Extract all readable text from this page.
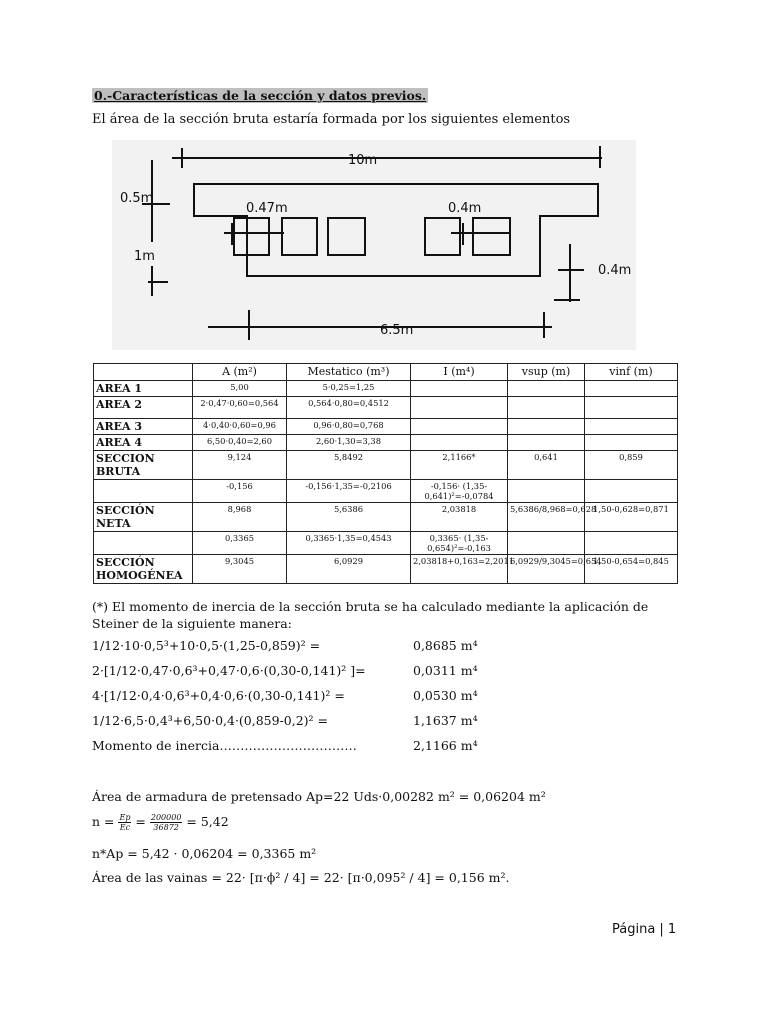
0.-Características de la sección y datos previos.
El área de la sección bruta estaría formada por los siguientes elementos
10m
0.5m
0.47m	0.4m
1m
0.4m
6.5m
	A (m²)	Mestatico (m³)	I (m⁴)	vsup (m)	vinf (m)
AREA 1	5,00	5·0,25=1,25			
AREA 2	2·0,47·0,60=0,564	0,564·0,80=0,4512			
AREA 3	4·0,40·0,60=0,96	0,96·0,80=0,768			
AREA 4	6,50·0,40=2,60	2,60·1,30=3,38			
SECCION BRUTA	9,124	5,8492	2,1166*	0,641	0,859
	-0,156	-0,156·1,35=-0,2106	-0,156· (1,35-0,641)²=-0,0784		
SECCIÓN NETA	8,968	5,6386	2,03818	5,6386/8,968=0,628	1,50-0,628=0,871
	0,3365	0,3365·1,35=0,4543	0,3365· (1,35-0,654)²=-0,163		
SECCIÓN HOMOGÉNEA	9,3045	6,0929	2,03818+0,163=2,2011	6,0929/9,3045=0,654	1,50-0,654=0,845
(*) El momento de inercia de la sección bruta se ha calculado mediante la aplicación de Steiner de la siguiente manera:
1/12·10·0,5³+10·0,5·(1,25-0,859)² =	0,8685 m⁴
2·[1/12·0,47·0,6³+0,47·0,6·(0,30-0,141)² ]=	0,0311 m⁴
4·[1/12·0,4·0,6³+0,4·0,6·(0,30-0,141)² =	0,0530 m⁴
1/12·6,5·0,4³+6,50·0,4·(0,859-0,2)² =	1,1637 m⁴
Momento de inercia……………………………	2,1166 m⁴
Área de armadura de pretensado Ap=22 Uds·0,00282 m² = 0,06204 m²
$n = \frac{Ep}{Ec} = \frac{200000}{36872} = 5,42$
n*Ap = 5,42 · 0,06204 = 0,3365 m²
Área de las vainas = 22· [π·ϕ² / 4] = 22· [π·0,095² / 4] = 0,156 m².
Página | 1
